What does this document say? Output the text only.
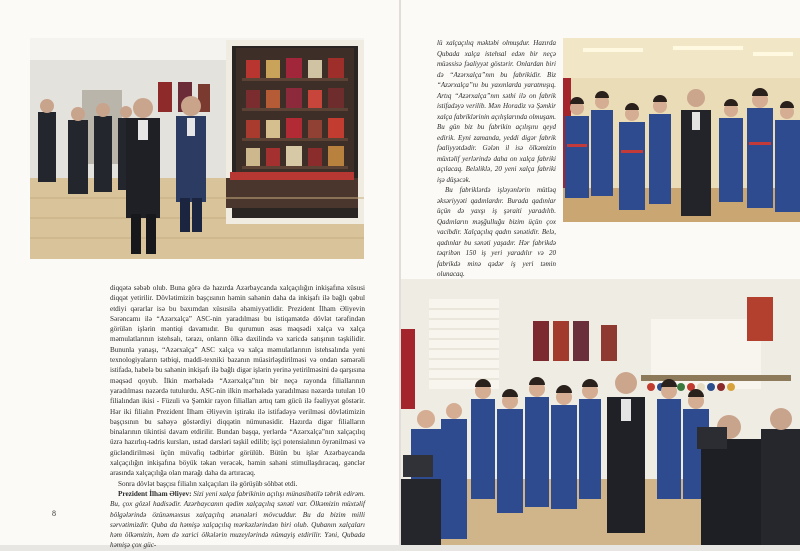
diqqətə səbəb olub. Buna görə də hazırda Azərbaycanda xalçaçılığın inkişafına xüsusi diqqət yetirilir. Dövlətimizin başçısının həmin sahənin daha da inkişafı ilə bağlı qəbul etdiyi qərarlar isə bu baxımdan xüsusilə əhəmiyyətlidir. Prezident İlham Əliyevin Sərəncamı ilə “Azərxalça” ASC-nin yaradılması bu istiqamətdə dövlət tərəfindən görülən işlərin məntiqi davamıdır. Bu qurumun əsas məqsədi xalça və xalça məmulatlarının istehsalı, tərazı, onların ölkə daxilində və xaricdə satışının təşkilidir. Bununla yanaşı, “Azərxalça” ASC xalça və xalça məmulatlarının istehsalında yeni texnologiyaların tətbiqi, maddi-texniki bazanın müasirləşdirilməsi və ondan səmərəli istifadə, habelə bu sahənin inkişafı ilə bağlı digər işlərin yerinə yetirilməsini də qarşısına məqsəd qoyub. İlkin mərhələdə “Azərxalça”nın bir neçə rayonda filiallarının yaradılması nəzərdə tutulurdu. ASC-nin ilkin mərhələdə yaradılması nəzərdə tutulan 10 filialından ikisi - Füzuli və Şəmkir rayon filialları artıq tam gücü ilə fəaliyyət göstərir. Hər iki filialın Prezident İlham Əliyevin iştirakı ilə istifadəyə verilməsi dövlətimizin başçısının bu sahəyə göstərdiyi diqqətin nümunəsidir. Hazırda digər filialların binalarının tikintisi davam etdirilir. Bundan başqa, yerlərdə “Azərxalça”nın xalçaçılıq üzrə hazırlıq-tədris kursları, ustad dərsləri təşkil edilib; işçi potensialının öyrənilməsi və gücləndirilməsi üçün müvafiq tədbirlər görülüb. Bütün bu işlər Azərbaycanda xalçaçılığın inkişafına böyük təkan verəcək, həmin sahəni stimullaşdıracaq, gənclər arasında xalçaçılığa olan marağı daha da artıracaq.

Sonra dövlət başçısı filialın xalçaçıları ilə görüşüb söhbət etdi.

Prezident İlham Əliyev: Sizi yeni xalça fabrikinin açılışı münasibətilə təbrik edirəm. Bu, çox gözəl hadisədir. Azərbaycanın qədim xalçaçılıq sənəti var. Ölkəmizin müxtəlif bölgələrində özünəməxsus xalçaçılıq ənənələri mövcuddur. Bu da bizim milli sərvətimizdir. Quba da həmişə xalçaçılıq mərkəzlərindən biri olub. Qubanın xalçaları həm ölkəmizin, həm də xarici ölkələrin muzeylərində nümayiş etdirilir. Yəni, Qubada həmişə çox güc-

8

lü xalçaçılıq məktəbi olmuşdur. Hazırda Qubada xalça istehsal edən bir neçə müəssisə fəaliyyət göstərir. Onlardan biri də “Azərxalça”nın bu fabrikidir. Biz “Azərxalça”nı bu yaxınlarda yaratmışıq. Artıq “Azərxalça”nın səthi ilə on fabrik istifadəyə verilib. Mən Horadiz və Şəmkir xalça fabriklərinin açılışlarında olmuşam. Bu gün biz bu fabrikin açılışını qeyd edirik. Eyni zamanda, yeddi digər fabrik fəaliyyətdədir. Gələn il isə ölkəmizin müxtəlif yerlərində daha on xalça fabriki açılacaq. Beləliklə, 20 yeni xalça fabriki işə düşəcək.

Bu fabriklərdə işləyənlərin mütləq əksəriyyəti qadınlardır. Burada qadınlar üçün də yaxşı iş şəraiti yaradılıb. Qadınların məşğulluğu bizim üçün çox vacibdir. Xalçaçılıq qadın sənətidir. Belə, qadınlar bu sənəti yaşadır. Hər fabrikdə təqribən 150 iş yeri yaradılır və 20 fabrikdə minə qədər iş yeri təmin olunacaq.
